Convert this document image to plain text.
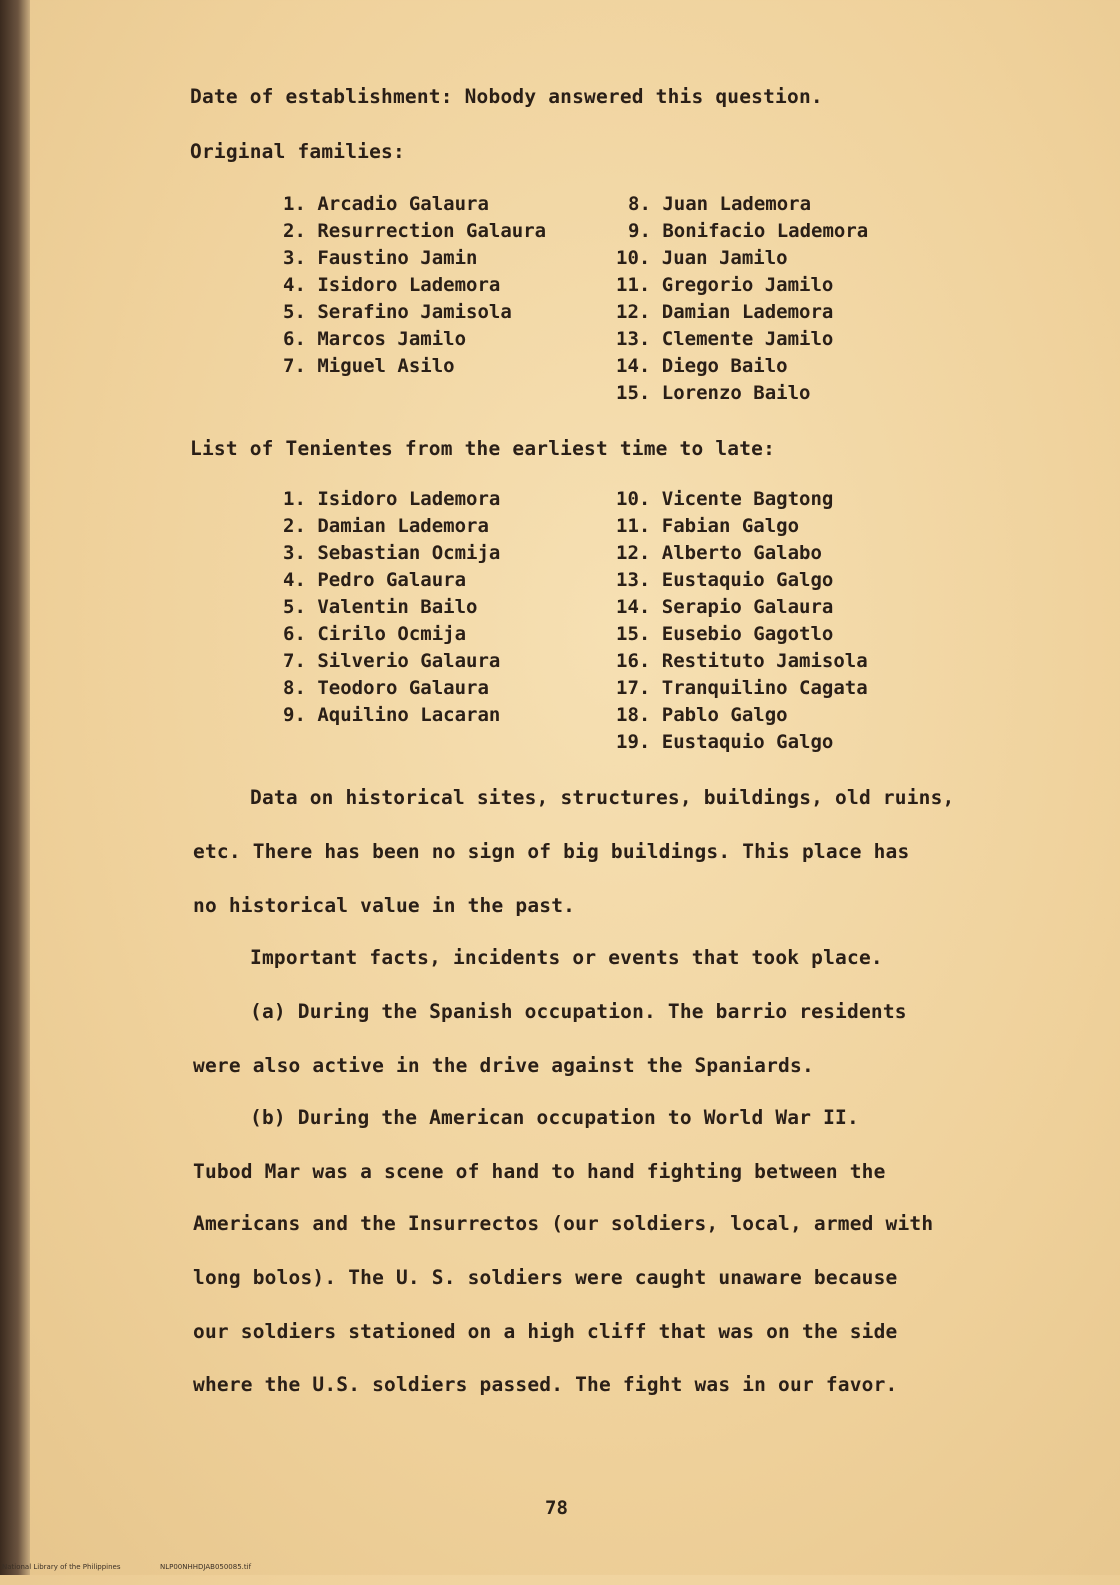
Date of establishment: Nobody answered this question.
Original families:
1. Arcadio Galaura
2. Resurrection Galaura
3. Faustino Jamin
4. Isidoro Lademora
5. Serafino Jamisola
6. Marcos Jamilo
7. Miguel Asilo
8. Juan Lademora
9. Bonifacio Lademora
10. Juan Jamilo
11. Gregorio Jamilo
12. Damian Lademora
13. Clemente Jamilo
14. Diego Bailo
15. Lorenzo Bailo
List of Tenientes from the earliest time to late:
1. Isidoro Lademora
2. Damian Lademora
3. Sebastian Ocmija
4. Pedro Galaura
5. Valentin Bailo
6. Cirilo Ocmija
7. Silverio Galaura
8. Teodoro Galaura
9. Aquilino Lacaran
10. Vicente Bagtong
11. Fabian Galgo
12. Alberto Galabo
13. Eustaquio Galgo
14. Serapio Galaura
15. Eusebio Gagotlo
16. Restituto Jamisola
17. Tranquilino Cagata
18. Pablo Galgo
19. Eustaquio Galgo
Data on historical sites, structures, buildings, old ruins,
etc. There has been no sign of big buildings. This place has
no historical value in the past.
Important facts, incidents or events that took place.
(a) During the Spanish occupation. The barrio residents
were also active in the drive against the Spaniards.
(b) During the American occupation to World War II.
Tubod Mar was a scene of hand to hand fighting between the
Americans and the Insurrectos (our soldiers, local, armed with
long bolos). The U. S. soldiers were caught unaware because
our soldiers stationed on a high cliff that was on the side
where the U.S. soldiers passed. The fight was in our favor.
78

National Library of the Philippines

	NLP00NHHDJAB050085.tif
